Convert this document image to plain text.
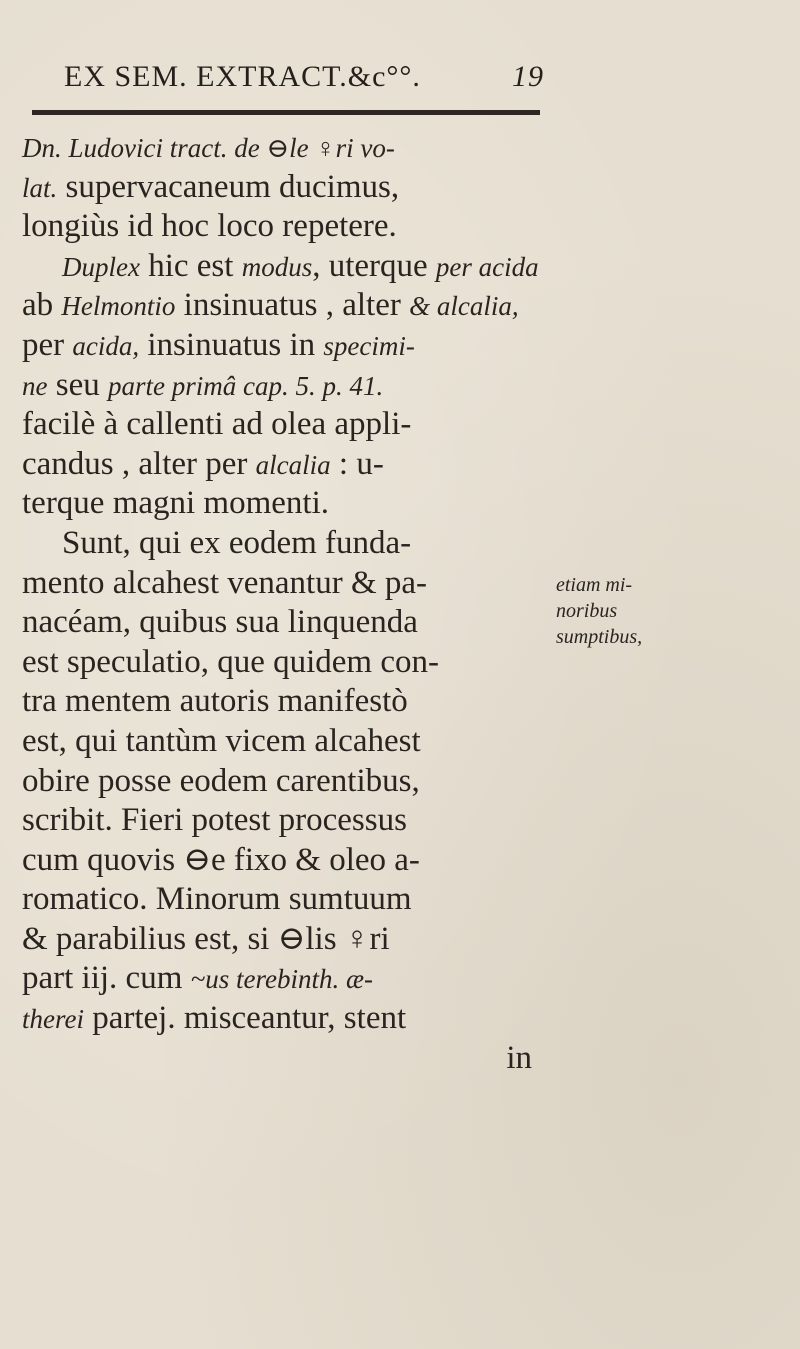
EX SEM. EXTRACT.&c°°.	19
Dn. Ludovici tract. de ⊖le ♀ri vo-
lat. supervacaneum ducimus,
longiùs id hoc loco repetere.
Duplex hic est modus, uterque per acida
ab Helmontio insinuatus , alter & alcalia,
per acida, insinuatus in specimi-
ne seu parte primâ cap. 5. p. 41.
facilè à callenti ad olea appli-
candus , alter per alcalia : u-
terque magni momenti.
Sunt, qui ex eodem funda-
mento alcahest venantur & pa-
nacéam, quibus sua linquenda
est speculatio, que quidem con-
tra mentem autoris manifestò
est, qui tantùm vicem alcahest
obire posse eodem carentibus,
scribit. Fieri potest processus
cum quovis ⊖e fixo & oleo a-
romatico. Minorum sumtuum
& parabilius est, si ⊖lis ♀ri
part iij. cum ~us terebinth. æ-
therei partej. misceantur, stent
in
etiam mi-
noribus
sumptibus,
